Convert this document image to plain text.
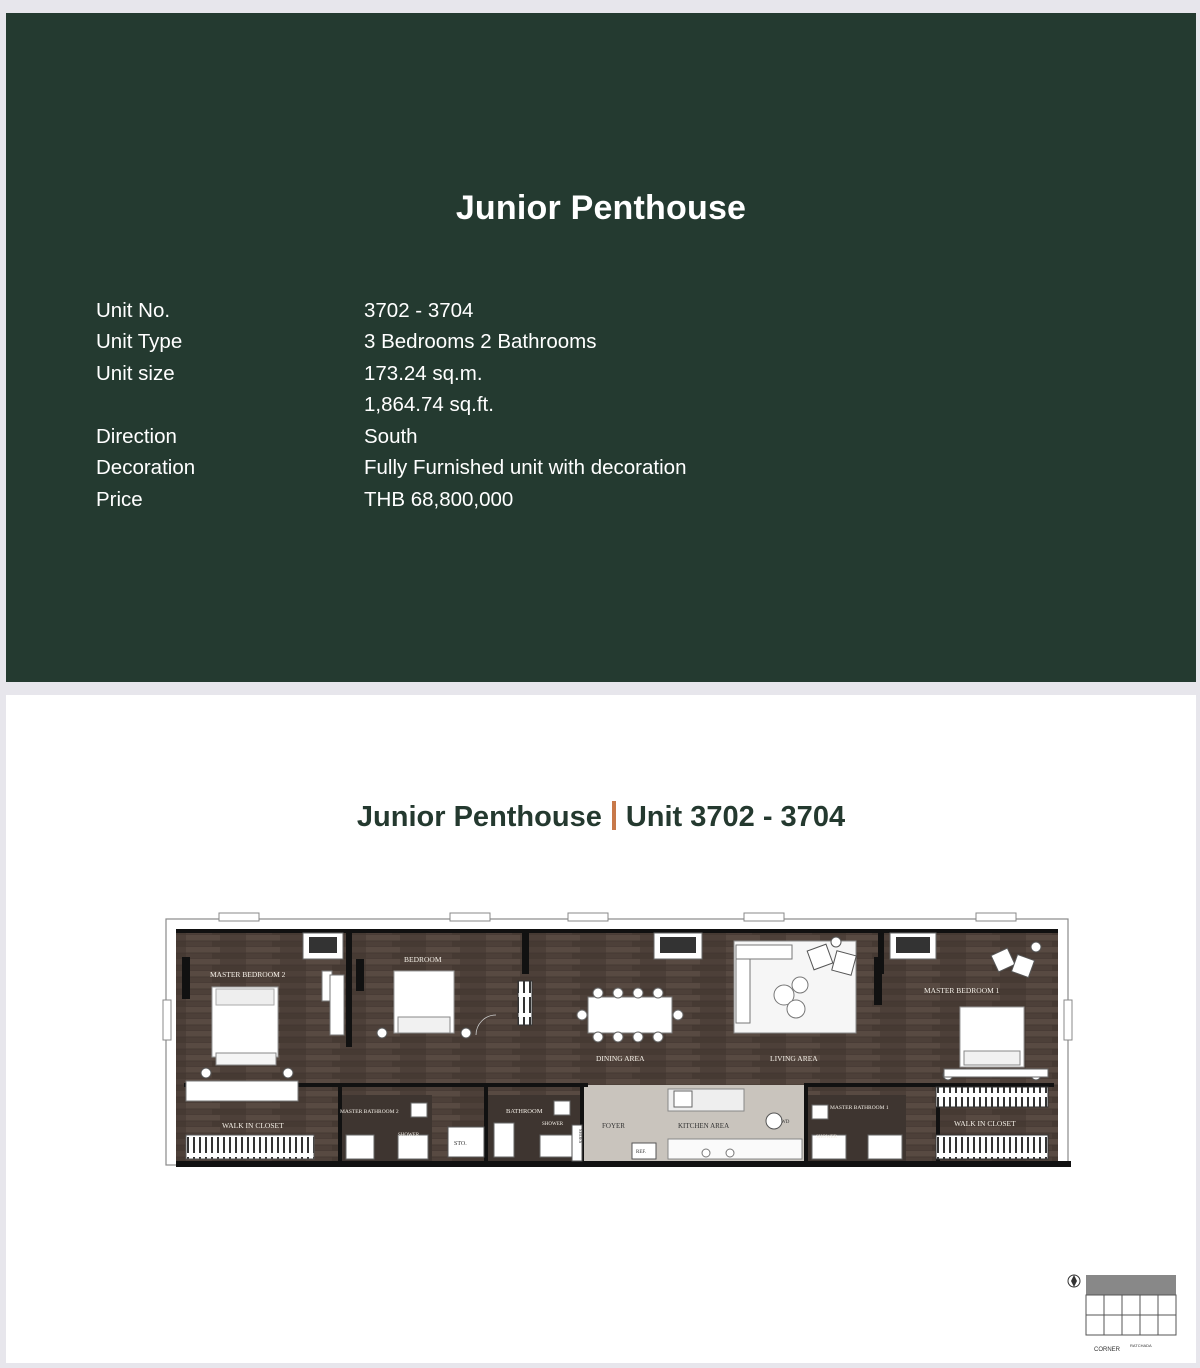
Junior Penthouse
Unit No.	3702 - 3704
Unit Type	3 Bedrooms 2 Bathrooms
Unit size	173.24 sq.m.
1,864.74 sq.ft.
Direction	South
Decoration	Fully Furnished unit with decoration
Price	THB 68,800,000
Junior Penthouse Unit 3702 - 3704
MASTER BEDROOM 2
BEDROOM
MASTER BEDROOM 1
DINING AREA	LIVING AREA
WALK IN CLOSET	WALK IN CLOSET
MASTER BATHROOM 2	BATHROOM	MASTER BATHROOM 1
FOYER	KITCHEN AREA
STO.
SHOWER
SHOWER
SHOWER
REF.
WD
SHOES
CORNER
RATCHADA
